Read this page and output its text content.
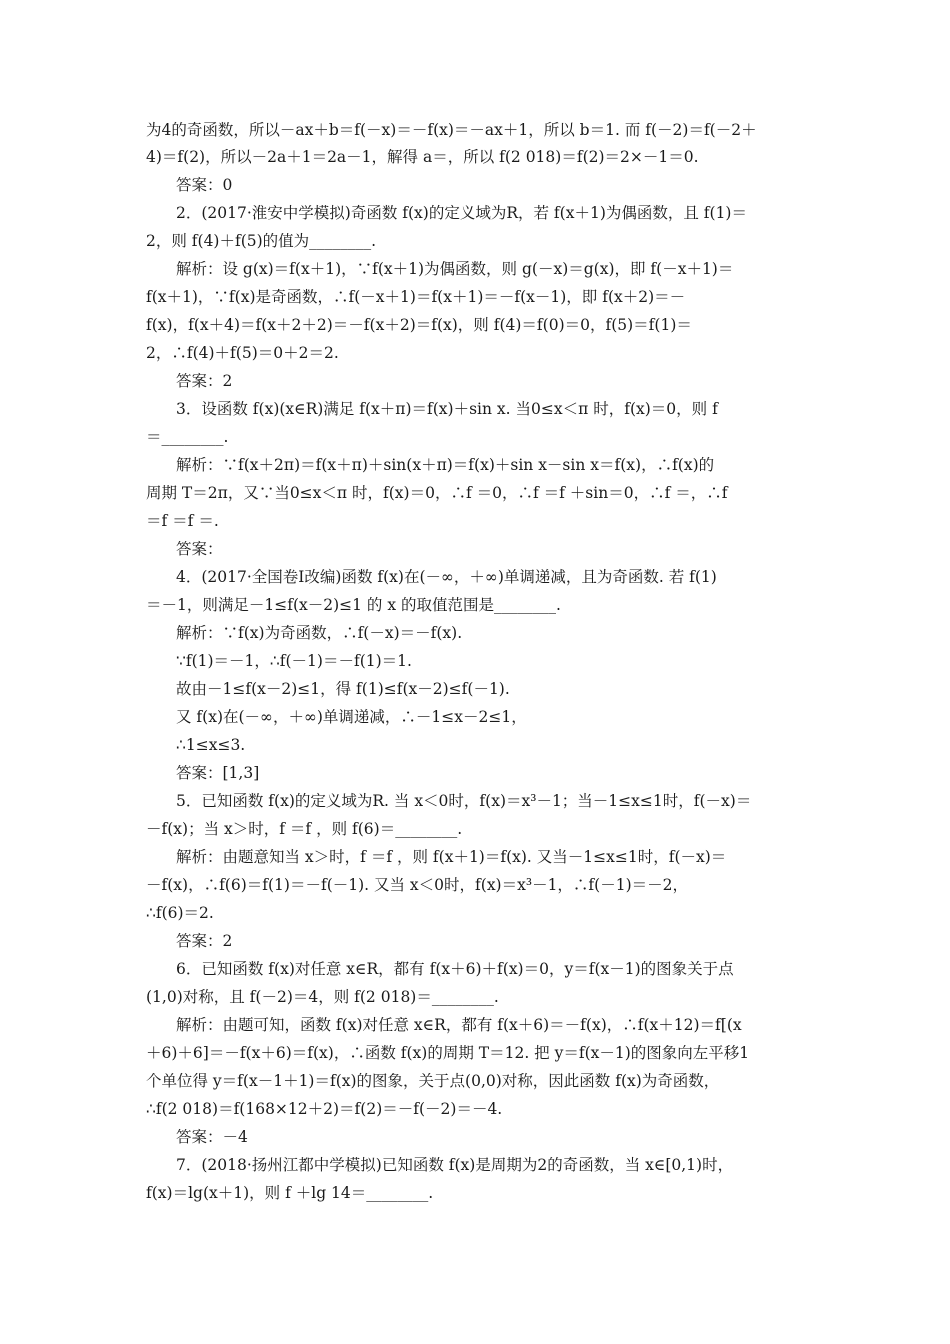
为4的奇函数，所以－ax＋b＝f(－x)＝－f(x)＝－ax＋1，所以 b＝1. 而 f(－2)＝f(－2＋
4)＝f(2)，所以－2a＋1＝2a－1，解得 a＝，所以 f(2 018)＝f(2)＝2×－1＝0.
答案：0
2．(2017·淮安中学模拟)奇函数 f(x)的定义域为R，若 f(x＋1)为偶函数，且 f(1)＝
2，则 f(4)＋f(5)的值为________.
解析：设 g(x)＝f(x＋1)，∵f(x＋1)为偶函数，则 g(－x)＝g(x)，即 f(－x＋1)＝
f(x＋1)，∵f(x)是奇函数，∴f(－x＋1)＝f(x＋1)＝－f(x－1)，即 f(x＋2)＝－
f(x)，f(x＋4)＝f(x＋2＋2)＝－f(x＋2)＝f(x)，则 f(4)＝f(0)＝0，f(5)＝f(1)＝
2，∴f(4)＋f(5)＝0＋2＝2.
答案：2
3．设函数 f(x)(x∈R)满足 f(x＋π)＝f(x)＋sin x. 当0≤x＜π 时，f(x)＝0，则 f
＝________.
解析：∵f(x＋2π)＝f(x＋π)＋sin(x＋π)＝f(x)＋sin x－sin x＝f(x)，∴f(x)的
周期 T＝2π，又∵当0≤x＜π 时，f(x)＝0，∴f ＝0，∴f ＝f ＋sin＝0，∴f ＝，∴f
＝f ＝f ＝.
答案：
4．(2017·全国卷Ⅰ改编)函数 f(x)在(－∞，＋∞)单调递减，且为奇函数. 若 f(1)
＝－1，则满足－1≤f(x－2)≤1 的 x 的取值范围是________.
解析：∵f(x)为奇函数，∴f(－x)＝－f(x).
∵f(1)＝－1，∴f(－1)＝－f(1)＝1.
故由－1≤f(x－2)≤1，得 f(1)≤f(x－2)≤f(－1).
又 f(x)在(－∞，＋∞)单调递减，∴－1≤x－2≤1，
∴1≤x≤3.
答案：[1,3]
5．已知函数 f(x)的定义域为R. 当 x＜0时，f(x)＝x³－1；当－1≤x≤1时，f(－x)＝
－f(x)；当 x＞时，f ＝f ，则 f(6)＝________.
解析：由题意知当 x＞时，f ＝f ，则 f(x＋1)＝f(x). 又当－1≤x≤1时，f(－x)＝
－f(x)，∴f(6)＝f(1)＝－f(－1). 又当 x＜0时，f(x)＝x³－1，∴f(－1)＝－2，
∴f(6)＝2.
答案：2
6．已知函数 f(x)对任意 x∈R，都有 f(x＋6)＋f(x)＝0，y＝f(x－1)的图象关于点
(1,0)对称，且 f(－2)＝4，则 f(2 018)＝________.
解析：由题可知，函数 f(x)对任意 x∈R，都有 f(x＋6)＝－f(x)，∴f(x＋12)＝f[(x
＋6)＋6]＝－f(x＋6)＝f(x)，∴函数 f(x)的周期 T＝12. 把 y＝f(x－1)的图象向左平移1
个单位得 y＝f(x－1＋1)＝f(x)的图象，关于点(0,0)对称，因此函数 f(x)为奇函数，
∴f(2 018)＝f(168×12＋2)＝f(2)＝－f(－2)＝－4.
答案：－4
7．(2018·扬州江都中学模拟)已知函数 f(x)是周期为2的奇函数，当 x∈[0,1)时，
f(x)＝lg(x＋1)，则 f ＋lg 14＝________.
